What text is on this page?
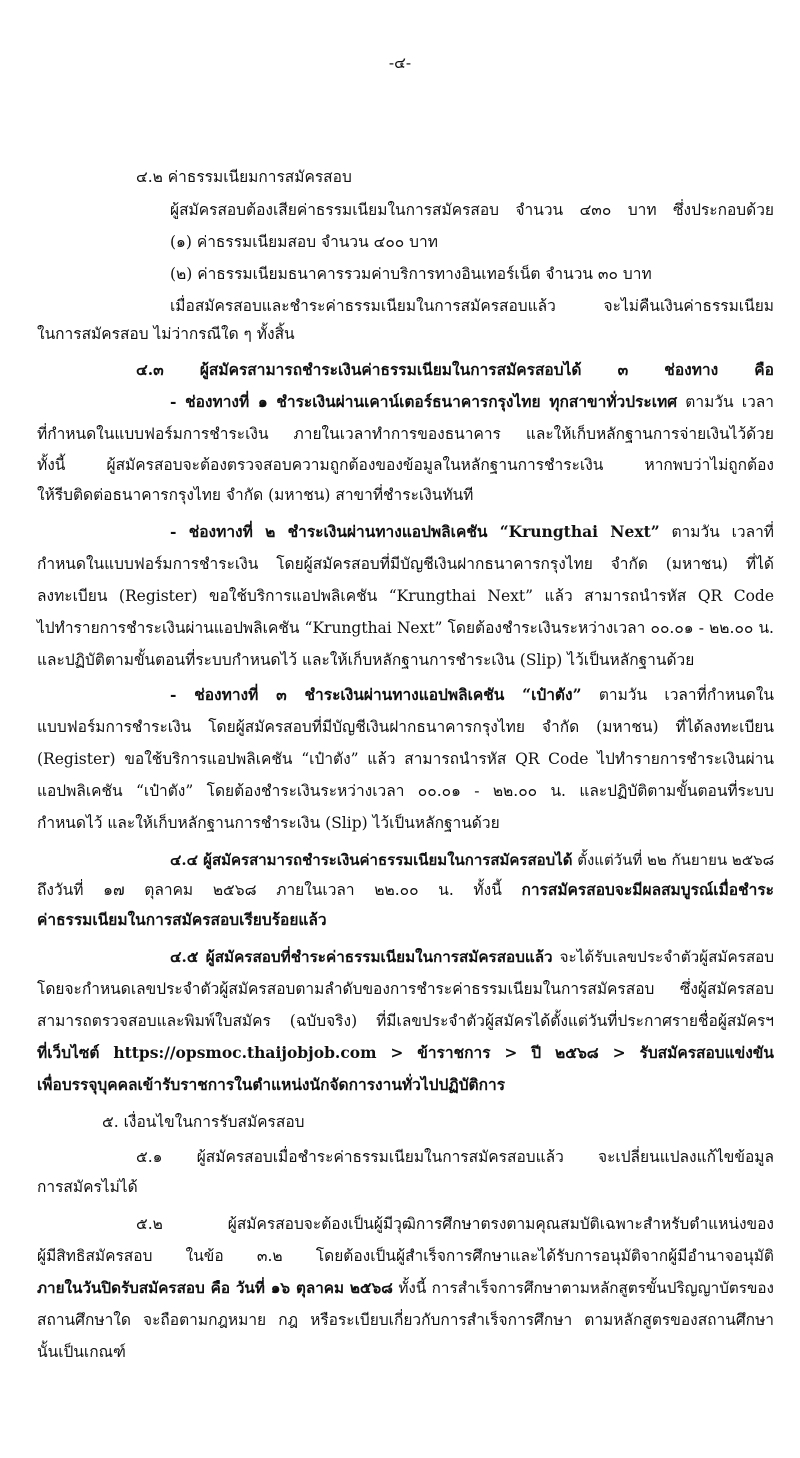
-๔-
๔.๒ ค่าธรรมเนียมการสมัครสอบ
ผู้สมัครสอบต้องเสียค่าธรรมเนียมในการสมัครสอบ จำนวน ๔๓๐ บาท ซึ่งประกอบด้วย
(๑) ค่าธรรมเนียมสอบ จำนวน ๔๐๐ บาท
(๒) ค่าธรรมเนียมธนาคารรวมค่าบริการทางอินเทอร์เน็ต จำนวน ๓๐ บาท
เมื่อสมัครสอบและชำระค่าธรรมเนียมในการสมัครสอบแล้ว จะไม่คืนเงินค่าธรรมเนียม
ในการสมัครสอบ ไม่ว่ากรณีใด ๆ ทั้งสิ้น
๔.๓ ผู้สมัครสามารถชำระเงินค่าธรรมเนียมในการสมัครสอบได้ ๓ ช่องทาง คือ
- ช่องทางที่ ๑ ชำระเงินผ่านเคาน์เตอร์ธนาคารกรุงไทย ทุกสาขาทั่วประเทศ ตามวัน เวลา
ที่กำหนดในแบบฟอร์มการชำระเงิน ภายในเวลาทำการของธนาคาร และให้เก็บหลักฐานการจ่ายเงินไว้ด้วย
ทั้งนี้ ผู้สมัครสอบจะต้องตรวจสอบความถูกต้องของข้อมูลในหลักฐานการชำระเงิน หากพบว่าไม่ถูกต้อง
ให้รีบติดต่อธนาคารกรุงไทย จำกัด (มหาชน) สาขาที่ชำระเงินทันที
- ช่องทางที่ ๒ ชำระเงินผ่านทางแอปพลิเคชัน “Krungthai Next” ตามวัน เวลาที่
กำหนดในแบบฟอร์มการชำระเงิน โดยผู้สมัครสอบที่มีบัญชีเงินฝากธนาคารกรุงไทย จำกัด (มหาชน) ที่ได้
ลงทะเบียน (Register) ขอใช้บริการแอปพลิเคชัน “Krungthai Next” แล้ว สามารถนำรหัส QR Code
ไปทำรายการชำระเงินผ่านแอปพลิเคชัน “Krungthai Next” โดยต้องชำระเงินระหว่างเวลา ๐๐.๐๑ - ๒๒.๐๐ น.
และปฏิบัติตามขั้นตอนที่ระบบกำหนดไว้ และให้เก็บหลักฐานการชำระเงิน (Slip) ไว้เป็นหลักฐานด้วย
- ช่องทางที่ ๓ ชำระเงินผ่านทางแอปพลิเคชัน “เป๋าตัง” ตามวัน เวลาที่กำหนดใน
แบบฟอร์มการชำระเงิน โดยผู้สมัครสอบที่มีบัญชีเงินฝากธนาคารกรุงไทย จำกัด (มหาชน) ที่ได้ลงทะเบียน
(Register) ขอใช้บริการแอปพลิเคชัน “เป๋าตัง” แล้ว สามารถนำรหัส QR Code ไปทำรายการชำระเงินผ่าน
แอปพลิเคชัน “เป๋าตัง” โดยต้องชำระเงินระหว่างเวลา ๐๐.๐๑ - ๒๒.๐๐ น. และปฏิบัติตามขั้นตอนที่ระบบ
กำหนดไว้ และให้เก็บหลักฐานการชำระเงิน (Slip) ไว้เป็นหลักฐานด้วย
๔.๔ ผู้สมัครสามารถชำระเงินค่าธรรมเนียมในการสมัครสอบได้ ตั้งแต่วันที่ ๒๒ กันยายน ๒๕๖๘
ถึงวันที่ ๑๗ ตุลาคม ๒๕๖๘ ภายในเวลา ๒๒.๐๐ น. ทั้งนี้ การสมัครสอบจะมีผลสมบูรณ์เมื่อชำระ
ค่าธรรมเนียมในการสมัครสอบเรียบร้อยแล้ว
๔.๕ ผู้สมัครสอบที่ชำระค่าธรรมเนียมในการสมัครสอบแล้ว จะได้รับเลขประจำตัวผู้สมัครสอบ
โดยจะกำหนดเลขประจำตัวผู้สมัครสอบตามลำดับของการชำระค่าธรรมเนียมในการสมัครสอบ ซึ่งผู้สมัครสอบ
สามารถตรวจสอบและพิมพ์ใบสมัคร (ฉบับจริง) ที่มีเลขประจำตัวผู้สมัครได้ตั้งแต่วันที่ประกาศรายชื่อผู้สมัครฯ
ที่เว็บไซต์ https://opsmoc.thaijobjob.com > ข้าราชการ > ปี ๒๕๖๘ > รับสมัครสอบแข่งขัน
เพื่อบรรจุบุคคลเข้ารับราชการในตำแหน่งนักจัดการงานทั่วไปปฏิบัติการ
๕. เงื่อนไขในการรับสมัครสอบ
๕.๑ ผู้สมัครสอบเมื่อชำระค่าธรรมเนียมในการสมัครสอบแล้ว จะเปลี่ยนแปลงแก้ไขข้อมูล
การสมัครไม่ได้
๕.๒ ผู้สมัครสอบจะต้องเป็นผู้มีวุฒิการศึกษาตรงตามคุณสมบัติเฉพาะสำหรับตำแหน่งของ
ผู้มีสิทธิสมัครสอบ ในข้อ ๓.๒ โดยต้องเป็นผู้สำเร็จการศึกษาและได้รับการอนุมัติจากผู้มีอำนาจอนุมัติ
ภายในวันปิดรับสมัครสอบ คือ วันที่ ๑๖ ตุลาคม ๒๕๖๘ ทั้งนี้ การสำเร็จการศึกษาตามหลักสูตรขั้นปริญญาบัตรของ
สถานศึกษาใด จะถือตามกฎหมาย กฎ หรือระเบียบเกี่ยวกับการสำเร็จการศึกษา ตามหลักสูตรของสถานศึกษา
นั้นเป็นเกณฑ์
